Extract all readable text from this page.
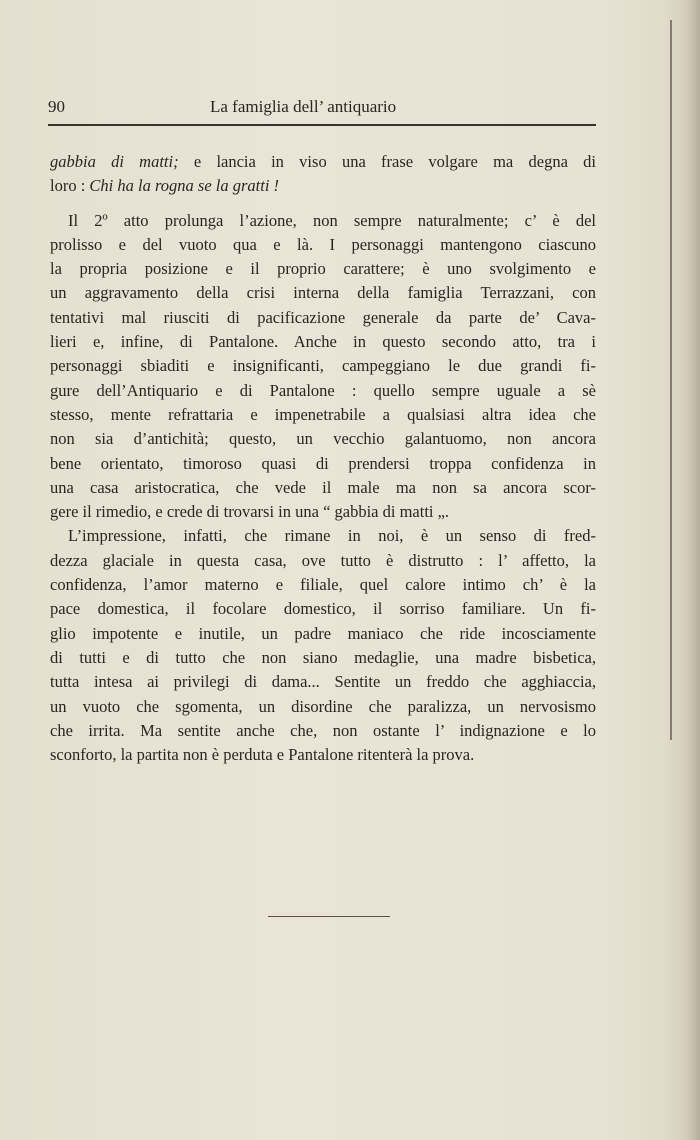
90	La famiglia dell’ antiquario
gabbia di matti; e lancia in viso una frase volgare ma degna di
loro : Chi ha la rogna se la gratti !
Il 2º atto prolunga l’azione, non sempre naturalmente; c’ è del
prolisso e del vuoto qua e là. I personaggi mantengono ciascuno
la propria posizione e il proprio carattere; è uno svolgimento e
un aggravamento della crisi interna della famiglia Terrazzani, con
tentativi mal riusciti di pacificazione generale da parte de’ Cava-
lieri e, infine, di Pantalone. Anche in questo secondo atto, tra i
personaggi sbiaditi e insignificanti, campeggiano le due grandi fi-
gure dell’Antiquario e di Pantalone : quello sempre uguale a sè
stesso, mente refrattaria e impenetrabile a qualsiasi altra idea che
non sia d’antichità; questo, un vecchio galantuomo, non ancora
bene orientato, timoroso quasi di prendersi troppa confidenza in
una casa aristocratica, che vede il male ma non sa ancora scor-
gere il rimedio, e crede di trovarsi in una “ gabbia di matti „.
L’impressione, infatti, che rimane in noi, è un senso di fred-
dezza glaciale in questa casa, ove tutto è distrutto : l’ affetto, la
confidenza, l’amor materno e filiale, quel calore intimo ch’ è la
pace domestica, il focolare domestico, il sorriso familiare. Un fi-
glio impotente e inutile, un padre maniaco che ride incosciamente
di tutti e di tutto che non siano medaglie, una madre bisbetica,
tutta intesa ai privilegi di dama... Sentite un freddo che agghiaccia,
un vuoto che sgomenta, un disordine che paralizza, un nervosismo
che irrita. Ma sentite anche che, non ostante l’ indignazione e lo
sconforto, la partita non è perduta e Pantalone ritenterà la prova.
